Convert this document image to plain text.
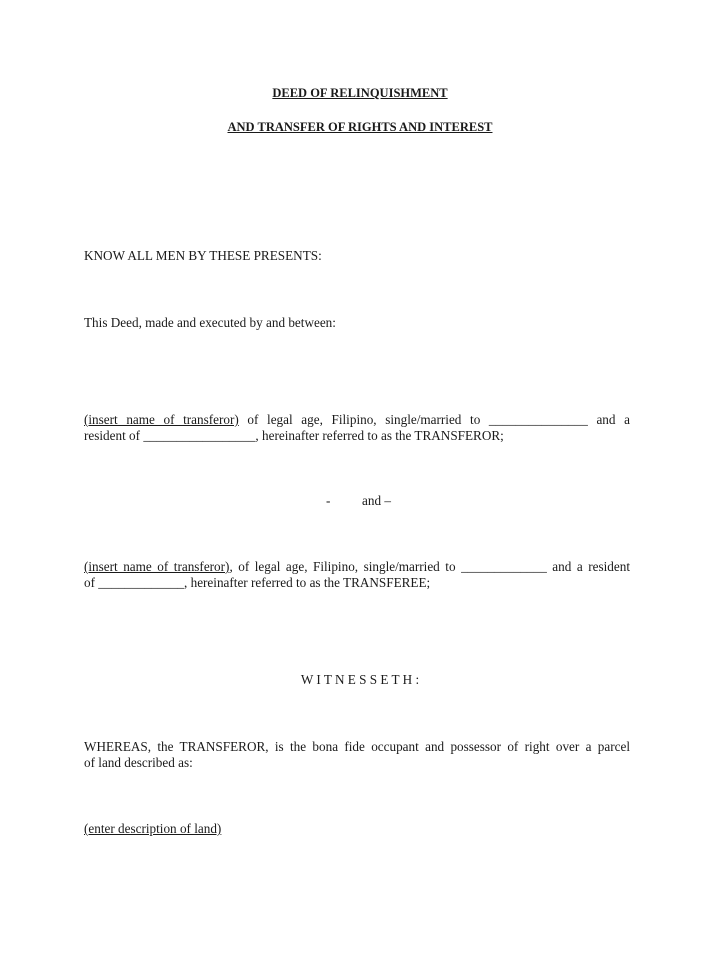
DEED OF RELINQUISHMENT
AND TRANSFER OF RIGHTS AND INTEREST
KNOW ALL MEN BY THESE PRESENTS:
This Deed, made and executed by and between:
(insert name of transferor) of legal age, Filipino, single/married to _______________ and a
resident of _________________, hereinafter referred to as the TRANSFEROR;
- and –
(insert name of transferor), of legal age, Filipino, single/married to _____________ and a resident
of _____________, hereinafter referred to as the TRANSFEREE;
W I T N E S S E T H :
WHEREAS, the TRANSFEROR, is the bona fide occupant and possessor of right over a parcel
of land described as:
(enter description of land)
